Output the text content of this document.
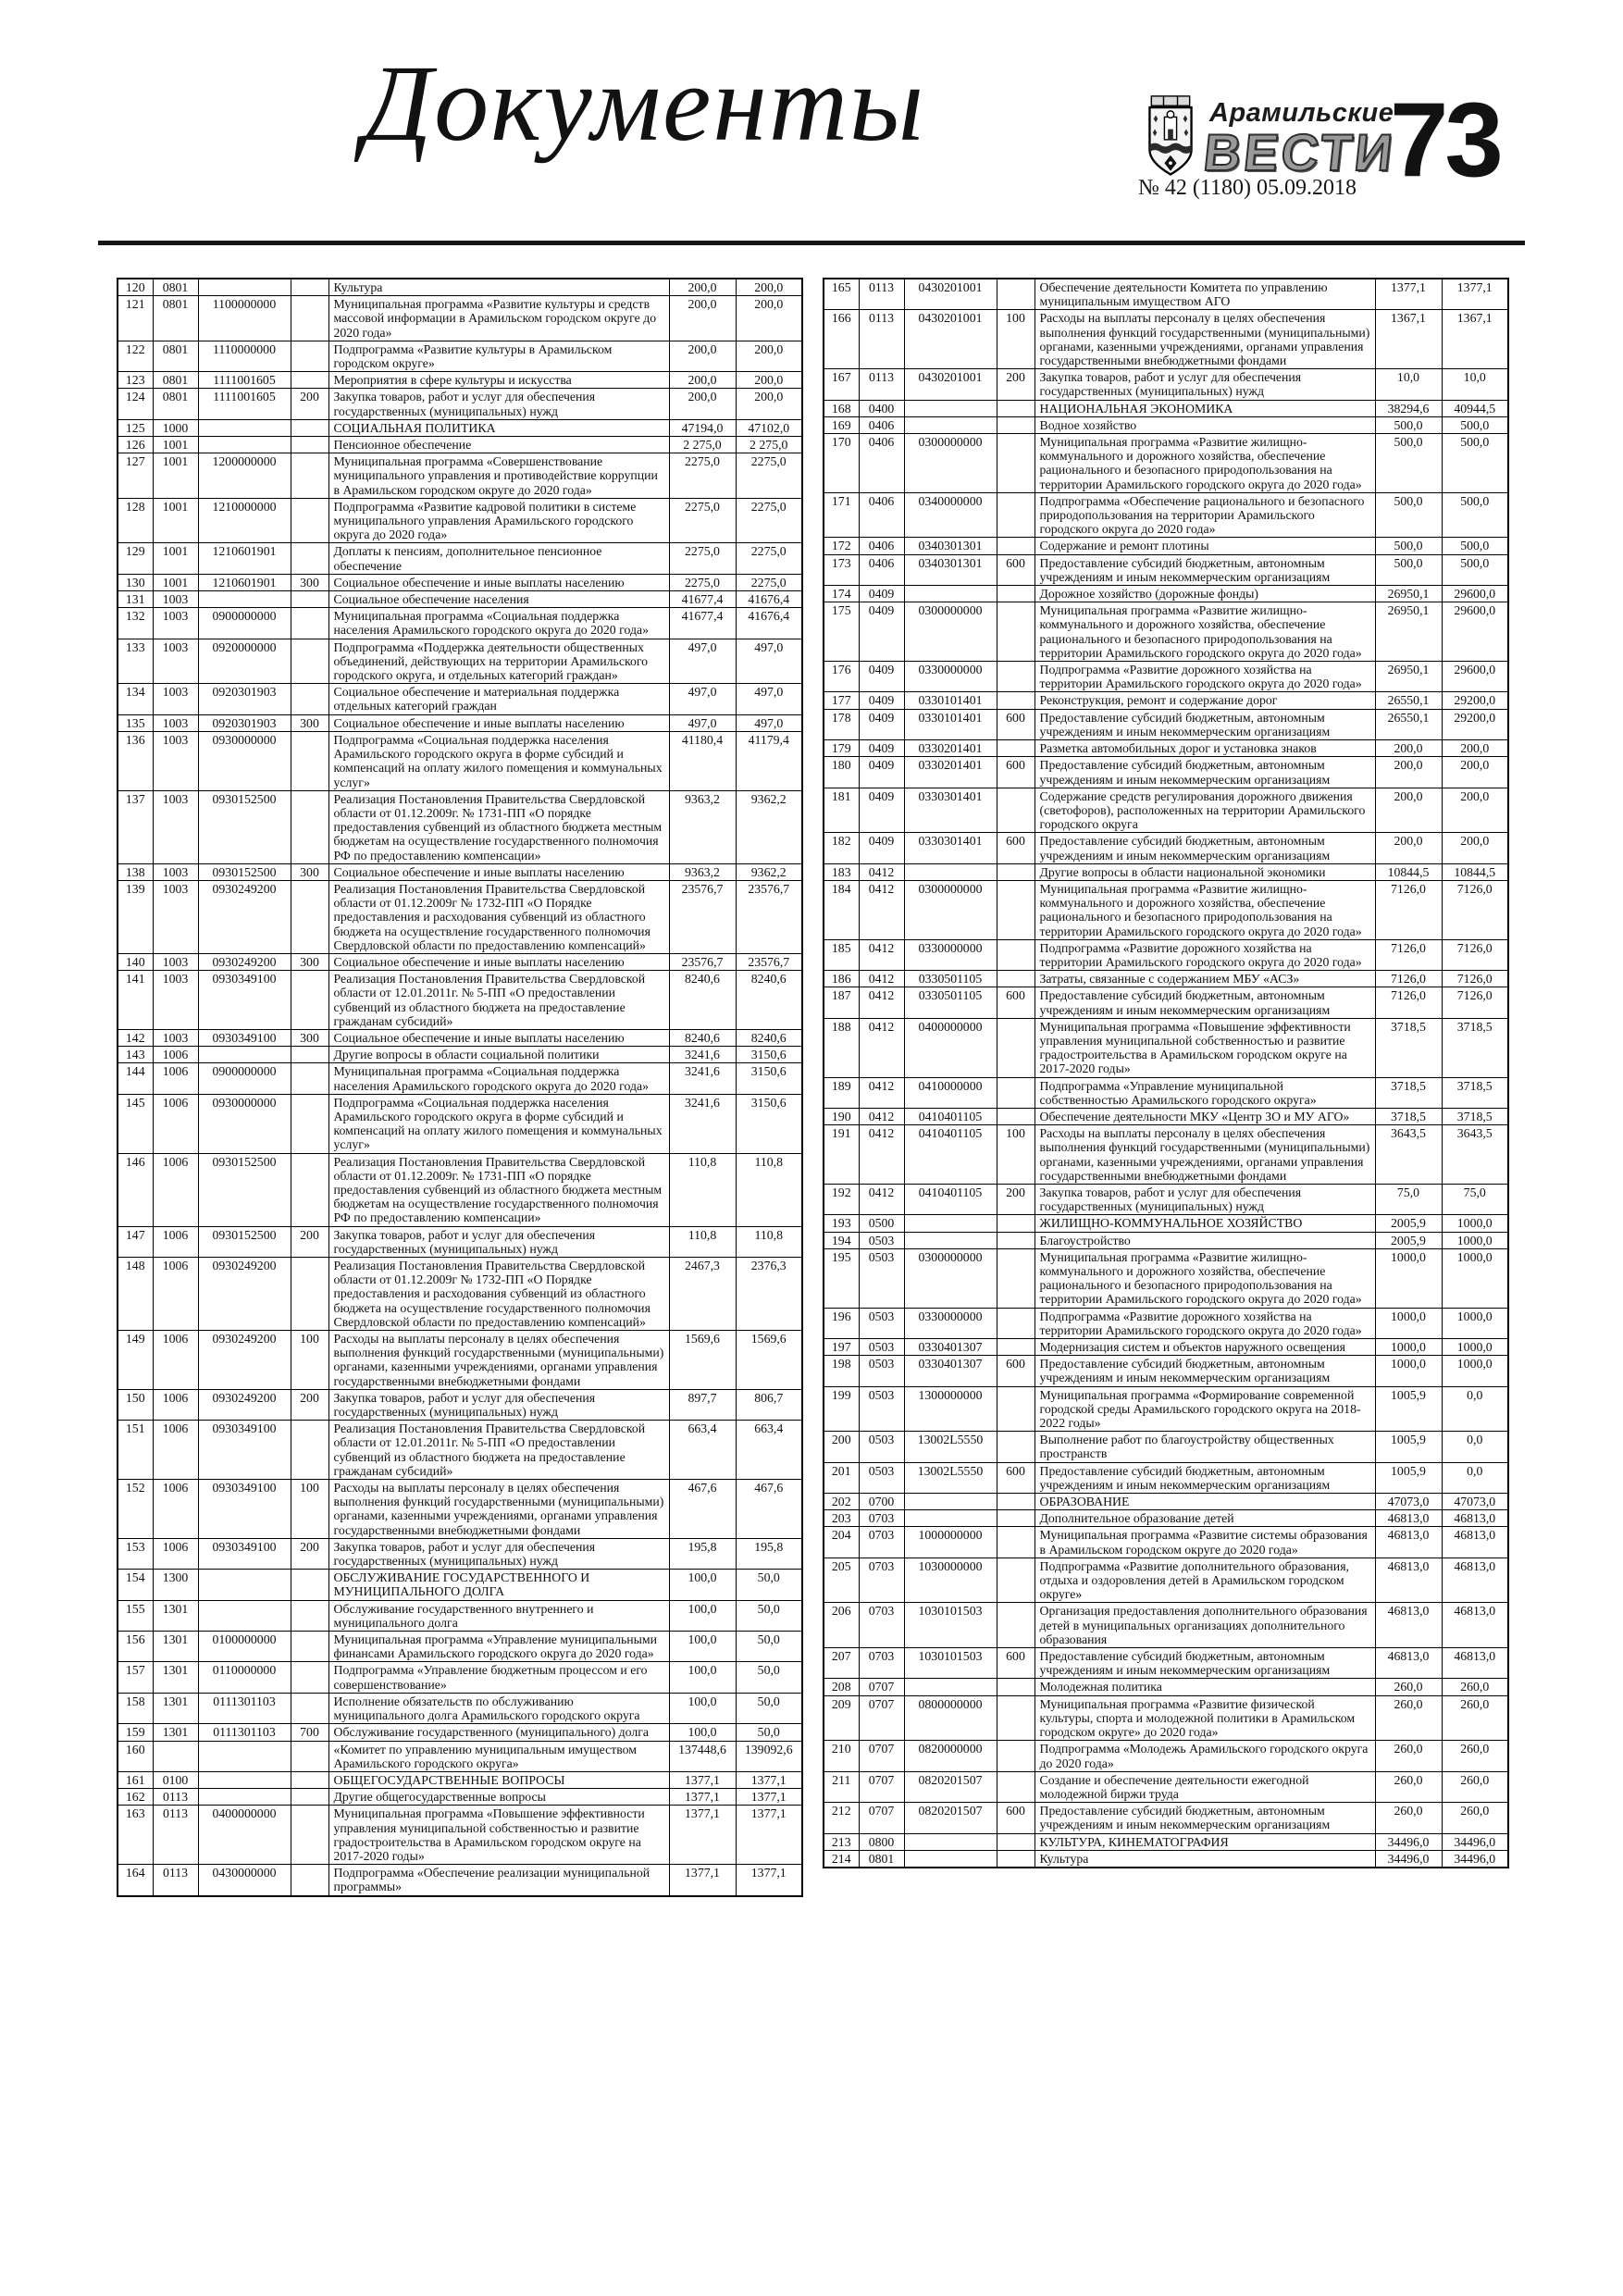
Документы	Арамильские
ВЕСТИ
№ 42 (1180) 05.09.2018 73
120	0801			Культура	200,0	200,0
121	0801	1100000000		Муниципальная программа «Развитие культуры и средств массовой информации в Арамильском городском округе до 2020 года»	200,0	200,0
122	0801	1110000000		Подпрограмма «Развитие культуры в Арамильском городском округе»	200,0	200,0
123	0801	1111001605		Мероприятия в сфере культуры и искусства	200,0	200,0
124	0801	1111001605	200	Закупка товаров, работ и услуг для обеспечения государственных (муниципальных) нужд	200,0	200,0
125	1000			СОЦИАЛЬНАЯ ПОЛИТИКА	47194,0	47102,0
126	1001			Пенсионное обеспечение	2 275,0	2 275,0
127	1001	1200000000		Муниципальная программа «Совершенствование муниципального управления и противодействие коррупции в Арамильском городском округе до 2020 года»	2275,0	2275,0
128	1001	1210000000		Подпрограмма «Развитие кадровой политики в системе муниципального управления Арамильского городского округа до 2020 года»	2275,0	2275,0
129	1001	1210601901		Доплаты к пенсиям, дополнительное пенсионное обеспечение	2275,0	2275,0
130	1001	1210601901	300	Социальное обеспечение и иные выплаты населению	2275,0	2275,0
131	1003			Социальное обеспечение населения	41677,4	41676,4
132	1003	0900000000		Муниципальная программа «Социальная поддержка населения Арамильского городского округа до 2020 года»	41677,4	41676,4
133	1003	0920000000		Подпрограмма «Поддержка деятельности общественных объединений, действующих на территории Арамильского городского округа, и отдельных категорий граждан»	497,0	497,0
134	1003	0920301903		Социальное обеспечение и материальная поддержка отдельных категорий граждан	497,0	497,0
135	1003	0920301903	300	Социальное обеспечение и иные выплаты населению	497,0	497,0
136	1003	0930000000		Подпрограмма «Социальная поддержка населения Арамильского городского округа в форме субсидий и компенсаций на оплату жилого помещения и коммунальных услуг»	41180,4	41179,4
137	1003	0930152500		Реализация Постановления Правительства Свердловской области от 01.12.2009г. № 1731-ПП «О порядке предоставления субвенций из областного бюджета местным бюджетам на осуществление государственного полномочия РФ по предоставлению компенсации»	9363,2	9362,2
138	1003	0930152500	300	Социальное обеспечение и иные выплаты населению	9363,2	9362,2
139	1003	0930249200		Реализация Постановления Правительства Свердловской области от 01.12.2009г № 1732-ПП «О Порядке предоставления и расходования субвенций из областного бюджета на осуществление государственного полномочия Свердловской области по предоставлению компенсаций»	23576,7	23576,7
140	1003	0930249200	300	Социальное обеспечение и иные выплаты населению	23576,7	23576,7
141	1003	0930349100		Реализация Постановления Правительства Свердловской области от 12.01.2011г. № 5-ПП «О предоставлении субвенций из областного бюджета на предоставление гражданам субсидий»	8240,6	8240,6
142	1003	0930349100	300	Социальное обеспечение и иные выплаты населению	8240,6	8240,6
143	1006			Другие вопросы в области социальной политики	3241,6	3150,6
144	1006	0900000000		Муниципальная программа «Социальная поддержка населения Арамильского городского округа до 2020 года»	3241,6	3150,6
145	1006	0930000000		Подпрограмма «Социальная поддержка населения Арамильского городского округа в форме субсидий и компенсаций на оплату жилого помещения и коммунальных услуг»	3241,6	3150,6
146	1006	0930152500		Реализация Постановления Правительства Свердловской области от 01.12.2009г. № 1731-ПП «О порядке предоставления субвенций из областного бюджета местным бюджетам на осуществление государственного полномочия РФ по предоставлению компенсации»	110,8	110,8
147	1006	0930152500	200	Закупка товаров, работ и услуг для обеспечения государственных (муниципальных) нужд	110,8	110,8
148	1006	0930249200		Реализация Постановления Правительства Свердловской области от 01.12.2009г № 1732-ПП «О Порядке предоставления и расходования субвенций из областного бюджета на осуществление государственного полномочия Свердловской области по предоставлению компенсаций»	2467,3	2376,3
149	1006	0930249200	100	Расходы на выплаты персоналу в целях обеспечения выполнения функций государственными (муниципальными) органами, казенными учреждениями, органами управления государственными внебюджетными фондами	1569,6	1569,6
150	1006	0930249200	200	Закупка товаров, работ и услуг для обеспечения государственных (муниципальных) нужд	897,7	806,7
151	1006	0930349100		Реализация Постановления Правительства Свердловской области от 12.01.2011г. № 5-ПП «О предоставлении субвенций из областного бюджета на предоставление гражданам субсидий»	663,4	663,4
152	1006	0930349100	100	Расходы на выплаты персоналу в целях обеспечения выполнения функций государственными (муниципальными) органами, казенными учреждениями, органами управления государственными внебюджетными фондами	467,6	467,6
153	1006	0930349100	200	Закупка товаров, работ и услуг для обеспечения государственных (муниципальных) нужд	195,8	195,8
154	1300			ОБСЛУЖИВАНИЕ ГОСУДАРСТВЕННОГО И МУНИЦИПАЛЬНОГО ДОЛГА	100,0	50,0
155	1301			Обслуживание государственного внутреннего и муниципального долга	100,0	50,0
156	1301	0100000000		Муниципальная программа «Управление муниципальными финансами Арамильского городского округа до 2020 года»	100,0	50,0
157	1301	0110000000		Подпрограмма «Управление бюджетным процессом и его совершенствование»	100,0	50,0
158	1301	0111301103		Исполнение обязательств по обслуживанию муниципального долга Арамильского городского округа	100,0	50,0
159	1301	0111301103	700	Обслуживание государственного (муниципального) долга	100,0	50,0
160				«Комитет по управлению муниципальным имуществом Арамильского городского округа»	137448,6	139092,6
161	0100			ОБЩЕГОСУДАРСТВЕННЫЕ ВОПРОСЫ	1377,1	1377,1
162	0113			Другие общегосударственные вопросы	1377,1	1377,1
163	0113	0400000000		Муниципальная программа «Повышение эффективности управления муниципальной собственностью и развитие градостроительства в Арамильском городском округе на 2017-2020 годы»	1377,1	1377,1
164	0113	0430000000		Подпрограмма «Обеспечение реализации муниципальной программы»	1377,1	1377,1
165	0113	0430201001		Обеспечение деятельности Комитета по управлению муниципальным имуществом АГО	1377,1	1377,1
166	0113	0430201001	100	Расходы на выплаты персоналу в целях обеспечения выполнения функций государственными (муниципальными) органами, казенными учреждениями, органами управления государственными внебюджетными фондами	1367,1	1367,1
167	0113	0430201001	200	Закупка товаров, работ и услуг для обеспечения государственных (муниципальных) нужд	10,0	10,0
168	0400			НАЦИОНАЛЬНАЯ ЭКОНОМИКА	38294,6	40944,5
169	0406			Водное хозяйство	500,0	500,0
170	0406	0300000000		Муниципальная программа «Развитие жилищно-коммунального и дорожного хозяйства, обеспечение рационального и безопасного природопользования на территории Арамильского городского округа до 2020 года»	500,0	500,0
171	0406	0340000000		Подпрограмма «Обеспечение рационального и безопасного природопользования на территории Арамильского городского округа до 2020 года»	500,0	500,0
172	0406	0340301301		Содержание и ремонт плотины	500,0	500,0
173	0406	0340301301	600	Предоставление субсидий бюджетным, автономным учреждениям и иным некоммерческим организациям	500,0	500,0
174	0409			Дорожное хозяйство (дорожные фонды)	26950,1	29600,0
175	0409	0300000000		Муниципальная программа «Развитие жилищно-коммунального и дорожного хозяйства, обеспечение рационального и безопасного природопользования на территории Арамильского городского округа до 2020 года»	26950,1	29600,0
176	0409	0330000000		Подпрограмма «Развитие дорожного хозяйства на территории Арамильского городского округа до 2020 года»	26950,1	29600,0
177	0409	0330101401		Реконструкция, ремонт и содержание дорог	26550,1	29200,0
178	0409	0330101401	600	Предоставление субсидий бюджетным, автономным учреждениям и иным некоммерческим организациям	26550,1	29200,0
179	0409	0330201401		Разметка автомобильных дорог и установка знаков	200,0	200,0
180	0409	0330201401	600	Предоставление субсидий бюджетным, автономным учреждениям и иным некоммерческим организациям	200,0	200,0
181	0409	0330301401		Содержание средств регулирования дорожного движения (светофоров), расположенных на территории Арамильского городского округа	200,0	200,0
182	0409	0330301401	600	Предоставление субсидий бюджетным, автономным учреждениям и иным некоммерческим организациям	200,0	200,0
183	0412			Другие вопросы в области национальной экономики	10844,5	10844,5
184	0412	0300000000		Муниципальная программа «Развитие жилищно-коммунального и дорожного хозяйства, обеспечение рационального и безопасного природопользования на территории Арамильского городского округа до 2020 года»	7126,0	7126,0
185	0412	0330000000		Подпрограмма «Развитие дорожного хозяйства на территории Арамильского городского округа до 2020 года»	7126,0	7126,0
186	0412	0330501105		Затраты, связанные с содержанием МБУ «АСЗ»	7126,0	7126,0
187	0412	0330501105	600	Предоставление субсидий бюджетным, автономным учреждениям и иным некоммерческим организациям	7126,0	7126,0
188	0412	0400000000		Муниципальная программа «Повышение эффективности управления муниципальной собственностью и развитие градостроительства в Арамильском городском округе на 2017-2020 годы»	3718,5	3718,5
189	0412	0410000000		Подпрограмма «Управление муниципальной собственностью Арамильского городского округа»	3718,5	3718,5
190	0412	0410401105		Обеспечение деятельности МКУ «Центр ЗО и МУ АГО»	3718,5	3718,5
191	0412	0410401105	100	Расходы на выплаты персоналу в целях обеспечения выполнения функций государственными (муниципальными) органами, казенными учреждениями, органами управления государственными внебюджетными фондами	3643,5	3643,5
192	0412	0410401105	200	Закупка товаров, работ и услуг для обеспечения государственных (муниципальных) нужд	75,0	75,0
193	0500			ЖИЛИЩНО-КОММУНАЛЬНОЕ ХОЗЯЙСТВО	2005,9	1000,0
194	0503			Благоустройство	2005,9	1000,0
195	0503	0300000000		Муниципальная программа «Развитие жилищно-коммунального и дорожного хозяйства, обеспечение рационального и безопасного природопользования на территории Арамильского городского округа до 2020 года»	1000,0	1000,0
196	0503	0330000000		Подпрограмма «Развитие дорожного хозяйства на территории Арамильского городского округа до 2020 года»	1000,0	1000,0
197	0503	0330401307		Модернизация систем и объектов наружного освещения	1000,0	1000,0
198	0503	0330401307	600	Предоставление субсидий бюджетным, автономным учреждениям и иным некоммерческим организациям	1000,0	1000,0
199	0503	1300000000		Муниципальная программа «Формирование современной городской среды Арамильского городского округа на 2018-2022 годы»	1005,9	0,0
200	0503	13002L5550		Выполнение работ по благоустройству общественных пространств	1005,9	0,0
201	0503	13002L5550	600	Предоставление субсидий бюджетным, автономным учреждениям и иным некоммерческим организациям	1005,9	0,0
202	0700			ОБРАЗОВАНИЕ	47073,0	47073,0
203	0703			Дополнительное образование детей	46813,0	46813,0
204	0703	1000000000		Муниципальная программа «Развитие системы образования в Арамильском городском округе до 2020 года»	46813,0	46813,0
205	0703	1030000000		Подпрограмма «Развитие дополнительного образования, отдыха и оздоровления детей в Арамильском городском округе»	46813,0	46813,0
206	0703	1030101503		Организация предоставления дополнительного образования детей в муниципальных организациях дополнительного образования	46813,0	46813,0
207	0703	1030101503	600	Предоставление субсидий бюджетным, автономным учреждениям и иным некоммерческим организациям	46813,0	46813,0
208	0707			Молодежная политика	260,0	260,0
209	0707	0800000000		Муниципальная программа «Развитие физической культуры, спорта и молодежной политики в Арамильском городском округе» до 2020 года»	260,0	260,0
210	0707	0820000000		Подпрограмма «Молодежь Арамильского городского округа до 2020 года»	260,0	260,0
211	0707	0820201507		Создание и обеспечение деятельности ежегодной молодежной биржи труда	260,0	260,0
212	0707	0820201507	600	Предоставление субсидий бюджетным, автономным учреждениям и иным некоммерческим организациям	260,0	260,0
213	0800			КУЛЬТУРА, КИНЕМАТОГРАФИЯ	34496,0	34496,0
214	0801			Культура	34496,0	34496,0
